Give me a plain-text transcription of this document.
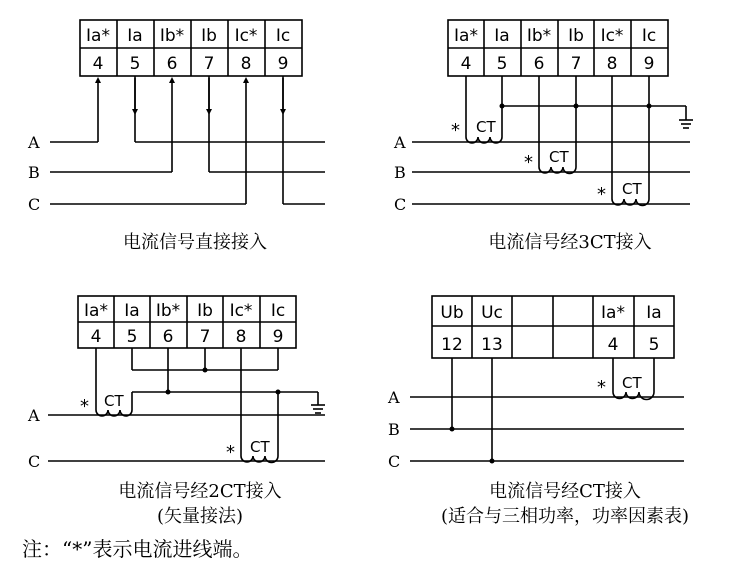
Ia* Ia Ib* Ib Ic* Ic
4 5 6 7 8 9
A
B
C
电流信号直接接入
Ia* Ia Ib* Ib Ic* Ic
4 5 6 7 8 9
CT
CT
CT
*
*
*
A
B
C
电流信号经3CT接入
Ia* Ia Ib* Ib Ic* Ic
4 5 6 7 8 9
CT
CT
*
*
A
C
电流信号经2CT接入
(矢量接法)
Ub Uc	Ia* Ia
12 13	4 5
CT
*
A
B
C
电流信号经CT接入
(适合与三相功率，功率因素表)
注：“*”表示电流进线端。
